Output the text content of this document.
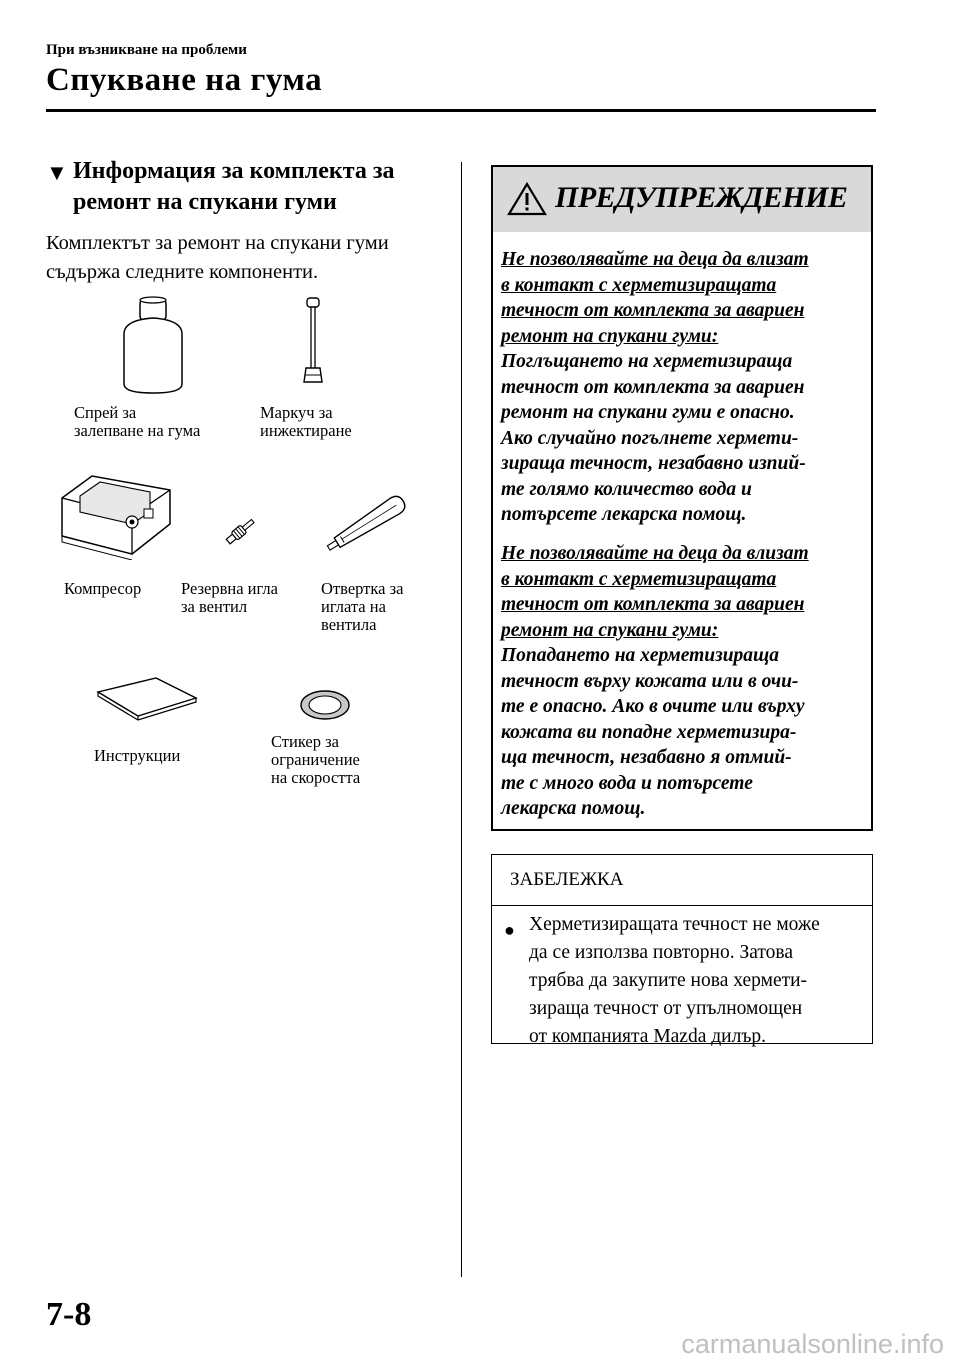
При възникване на проблеми
Спукване на гума
▼ Информация за комплекта за
ремонт на спукани гуми
Комплектът за ремонт на спукани гуми
съдържа следните компоненти.
Спрей за
залепване на гума
Маркуч за
инжектиране
Компресор Резервна игла
за вентил
Отвертка за
иглата на
вентила
Инструкции
Стикер за
ограничение
на скоростта
ПРЕДУПРЕЖДЕНИЕ
Не позволявайте на деца да влизат
в контакт с херметизиращата
течност от комплекта за авариен
ремонт на спукани гуми:
Поглъщането на херметизираща
течност от комплекта за авариен
ремонт на спукани гуми е опасно.
Ако случайно погълнете хермети-
зираща течност, незабавно изпий-
те голямо количество вода и
потърсете лекарска помощ.
Не позволявайте на деца да влизат
в контакт с херметизиращата
течност от комплекта за авариен
ремонт на спукани гуми:
Попадането на херметизираща
течност върху кожата или в очи-
те е опасно. Ако в очите или върху
кожата ви попадне херметизира-
ща течност, незабавно я отмий-
те с много вода и потърсете
лекарска помощ.
ЗАБЕЛЕЖКА
● Херметизиращата течност не може
да се използва повторно. Затова
трябва да закупите нова хермети-
зираща течност от упълномощен
от компанията Mazda дилър.
7-8
carmanualsonline.info
